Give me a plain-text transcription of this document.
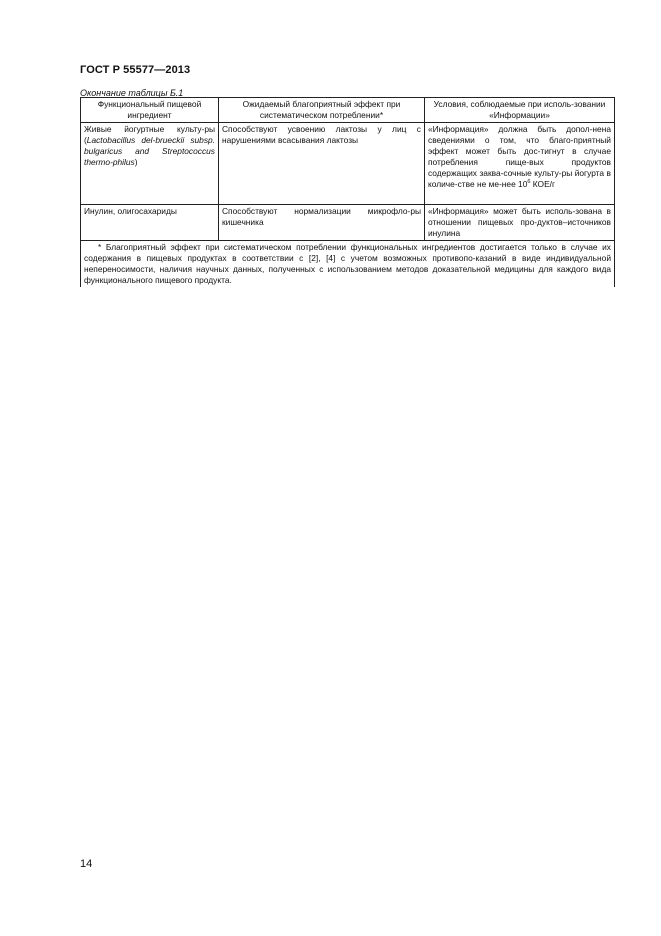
ГОСТ Р 55577—2013
Окончание таблицы Б.1
Функциональный пищевой ингредиент	Ожидаемый благоприятный эффект при систематическом потреблении*	Условия, соблюдаемые при исполь-зовании «Информации»
Живые йогуртные культу-ры (Lactobacillus del-brueckii subsp. bulgaricus and Streptococcus thermo-philus)	Способствуют усвоению лактозы у лиц с нарушениями всасывания лактозы	«Информация» должна быть допол-нена сведениями о том, что благо-приятный эффект может быть дос-тигнут в случае потребления пище-вых продуктов содержащих заква-сочные культу-ры йогурта в количе-стве не ме-нее $10^6$ КОЕ/г
Инулин, олигосахариды	Способствуют нормализации микрофло-ры кишечника	«Информация» может быть исполь-зована в отношении пищевых про-дуктов–источников инулина
* Благоприятный эффект при систематическом потреблении функциональных ингредиентов достигается только в случае их содержания в пищевых продуктах в соответствии с [2], [4] с учетом возможных противопо-казаний в виде индивидуальной непереносимости, наличия научных данных, полученных с использованием методов доказательной медицины для каждого вида функционального пищевого продукта.		
14
